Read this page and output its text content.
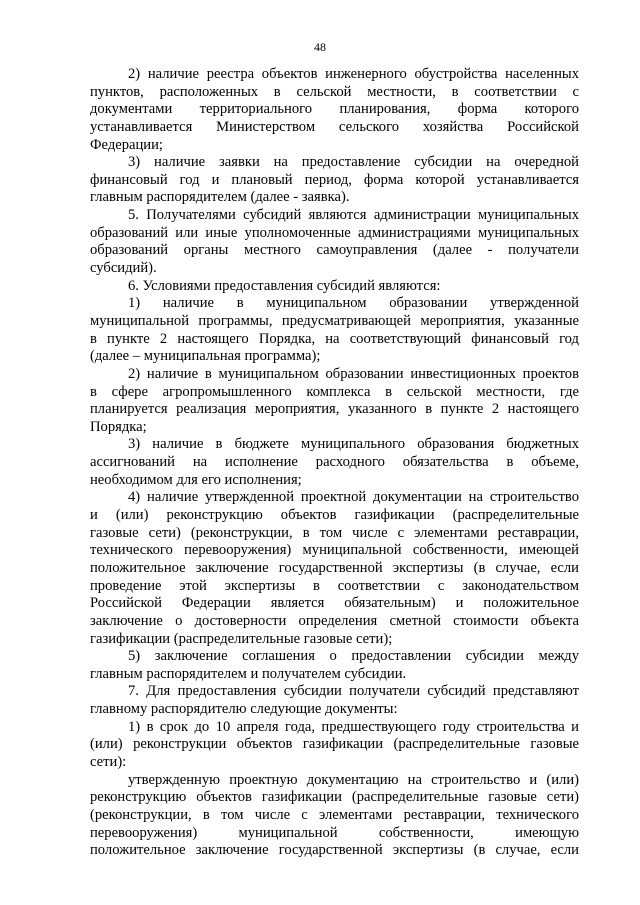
48
2) наличие реестра объектов инженерного обустройства населенных
пунктов, расположенных в сельской местности, в соответствии с
документами территориального планирования, форма которого
устанавливается Министерством сельского хозяйства Российской
Федерации;
3) наличие заявки на предоставление субсидии на очередной
финансовый год и плановый период, форма которой устанавливается
главным распорядителем (далее - заявка).
5. Получателями субсидий являются администрации муниципальных
образований или иные уполномоченные администрациями муниципальных
образований органы местного самоуправления (далее - получатели
субсидий).
6. Условиями предоставления субсидий являются:
1) наличие в муниципальном образовании утвержденной
муниципальной программы, предусматривающей мероприятия, указанные
в пункте 2 настоящего Порядка, на соответствующий финансовый год
(далее – муниципальная программа);
2) наличие в муниципальном образовании инвестиционных проектов
в сфере агропромышленного комплекса в сельской местности, где
планируется реализация мероприятия, указанного в пункте 2 настоящего
Порядка;
3) наличие в бюджете муниципального образования бюджетных
ассигнований на исполнение расходного обязательства в объеме,
необходимом для его исполнения;
4) наличие утвержденной проектной документации на строительство
и (или) реконструкцию объектов газификации (распределительные
газовые сети) (реконструкции, в том числе с элементами реставрации,
технического перевооружения) муниципальной собственности, имеющей
положительное заключение государственной экспертизы (в случае, если
проведение этой экспертизы в соответствии с законодательством
Российской Федерации является обязательным) и положительное
заключение о достоверности определения сметной стоимости объекта
газификации (распределительные газовые сети);
5) заключение соглашения о предоставлении субсидии между
главным распорядителем и получателем субсидии.
7. Для предоставления субсидии получатели субсидий представляют
главному распорядителю следующие документы:
1) в срок до 10 апреля года, предшествующего году строительства и
(или) реконструкции объектов газификации (распределительные газовые
сети):
утвержденную проектную документацию на строительство и (или)
реконструкцию объектов газификации (распределительные газовые сети)
(реконструкции, в том числе с элементами реставрации, технического
перевооружения) муниципальной собственности, имеющую
положительное заключение государственной экспертизы (в случае, если
